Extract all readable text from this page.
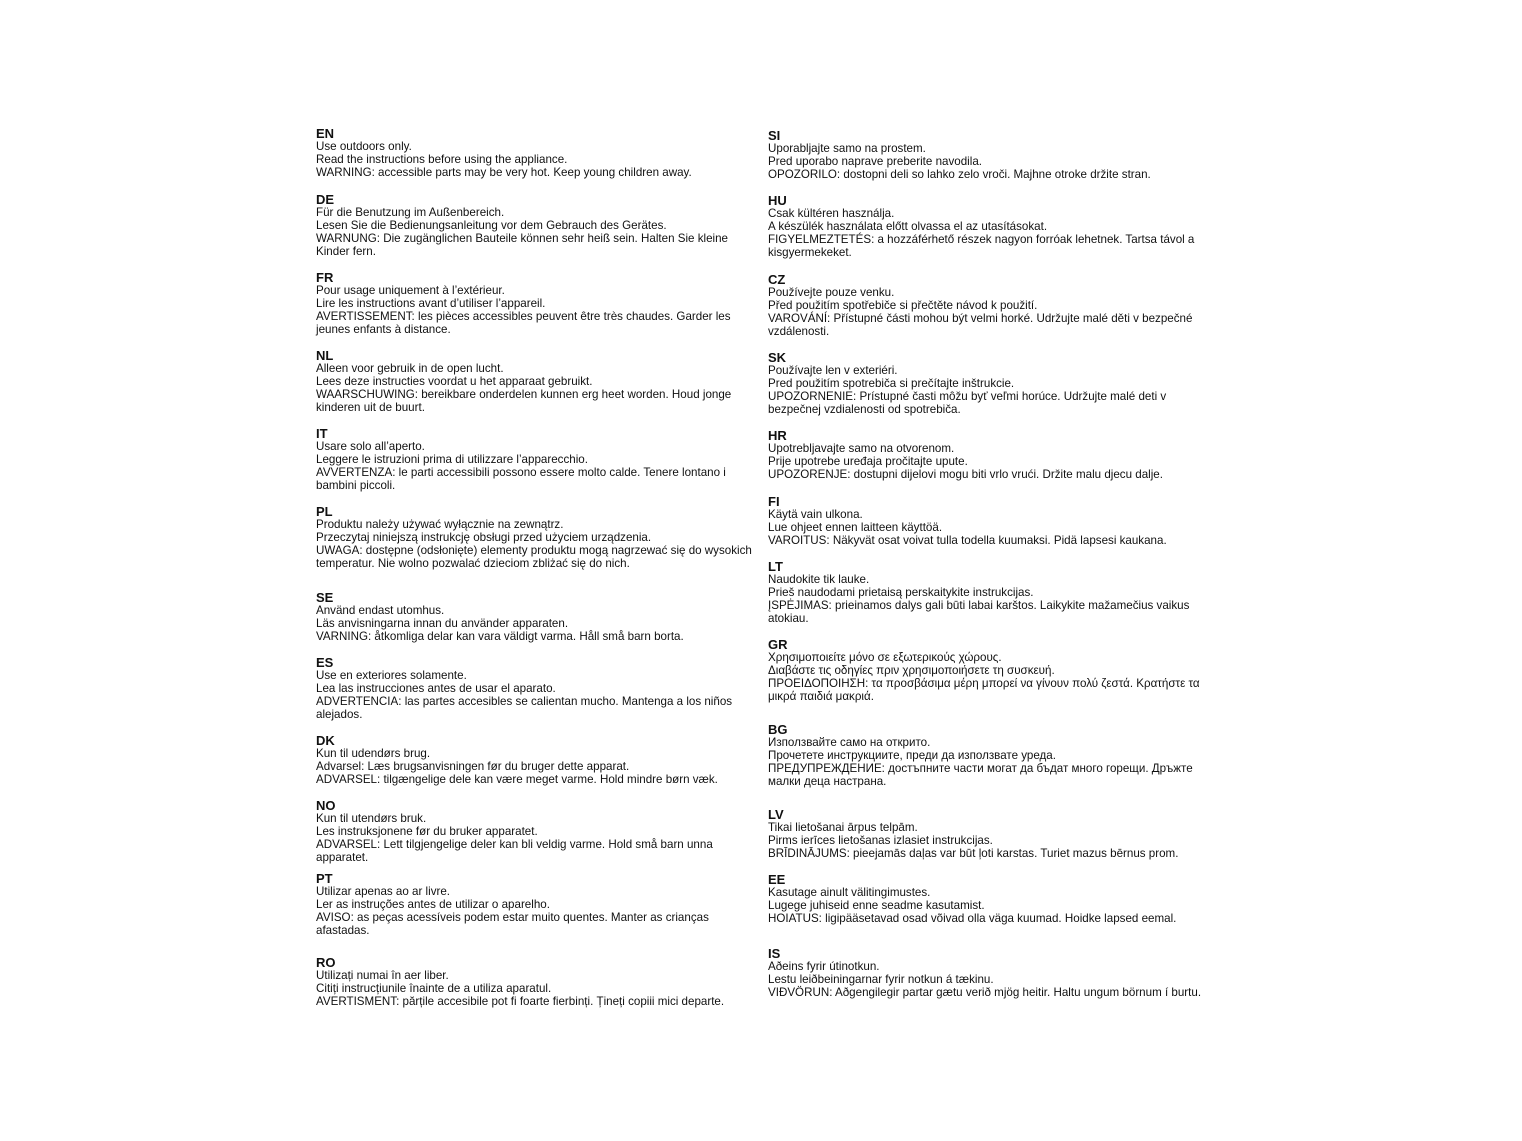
EN
Use outdoors only.
Read the instructions before using the appliance.
WARNING: accessible parts may be very hot. Keep young children away.
DE
Für die Benutzung im Außenbereich.
Lesen Sie die Bedienungsanleitung vor dem Gebrauch des Gerätes.
WARNUNG: Die zugänglichen Bauteile können sehr heiß sein. Halten Sie kleine Kinder fern.
FR
Pour usage uniquement à l’extérieur.
Lire les instructions avant d’utiliser l’appareil.
AVERTISSEMENT: les pièces accessibles peuvent être très chaudes. Garder les jeunes enfants à distance.
NL
Alleen voor gebruik in de open lucht.
Lees deze instructies voordat u het apparaat gebruikt.
WAARSCHUWING: bereikbare onderdelen kunnen erg heet worden. Houd jonge kinderen uit de buurt.
IT
Usare solo all’aperto.
Leggere le istruzioni prima di utilizzare l’apparecchio.
AVVERTENZA: le parti accessibili possono essere molto calde. Tenere lontano i bambini piccoli.
PL
Produktu należy używać wyłącznie na zewnątrz.
Przeczytaj niniejszą instrukcję obsługi przed użyciem urządzenia.
UWAGA: dostępne (odsłonięte) elementy produktu mogą nagrzewać się do wysokich temperatur. Nie wolno pozwalać dzieciom zbliżać się do nich.
SE
Använd endast utomhus.
Läs anvisningarna innan du använder apparaten.
VARNING: åtkomliga delar kan vara väldigt varma. Håll små barn borta.
ES
Use en exteriores solamente.
Lea las instrucciones antes de usar el aparato.
ADVERTENCIA: las partes accesibles se calientan mucho. Mantenga a los niños alejados.
DK
Kun til udendørs brug.
Advarsel: Læs brugsanvisningen før du bruger dette apparat.
ADVARSEL: tilgængelige dele kan være meget varme. Hold mindre børn væk.
NO
Kun til utendørs bruk.
Les instruksjonene før du bruker apparatet.
ADVARSEL: Lett tilgjengelige deler kan bli veldig varme. Hold små barn unna apparatet.
PT
Utilizar apenas ao ar livre.
Ler as instruções antes de utilizar o aparelho.
AVISO: as peças acessíveis podem estar muito quentes. Manter as crianças afastadas.
RO
Utilizați numai în aer liber.
Citiți instrucțiunile înainte de a utiliza aparatul.
AVERTISMENT: părțile accesibile pot fi foarte fierbinți. Țineți copiii mici departe.
SI
Uporabljajte samo na prostem.
Pred uporabo naprave preberite navodila.
OPOZORILO: dostopni deli so lahko zelo vroči. Majhne otroke držite stran.
HU
Csak kültéren használja.
A készülék használata előtt olvassa el az utasításokat.
FIGYELMEZTETÉS: a hozzáférhető részek nagyon forróak lehetnek. Tartsa távol a kisgyermekeket.
CZ
Používejte pouze venku.
Před použitím spotřebiče si přečtěte návod k použití.
VAROVÁNÍ: Přístupné části mohou být velmi horké. Udržujte malé děti v bezpečné vzdálenosti.
SK
Používajte len v exteriéri.
Pred použitím spotrebiča si prečítajte inštrukcie.
UPOZORNENIE: Prístupné časti môžu byť veľmi horúce. Udržujte malé deti v bezpečnej vzdialenosti od spotrebiča.
HR
Upotrebljavajte samo na otvorenom.
Prije upotrebe uređaja pročitajte upute.
UPOZORENJE: dostupni dijelovi mogu biti vrlo vrući. Držite malu djecu dalje.
FI
Käytä vain ulkona.
Lue ohjeet ennen laitteen käyttöä.
VAROITUS: Näkyvät osat voivat tulla todella kuumaksi. Pidä lapsesi kaukana.
LT
Naudokite tik lauke.
Prieš naudodami prietaisą perskaitykite instrukcijas.
ĮSPĖJIMAS: prieinamos dalys gali būti labai karštos. Laikykite mažamečius vaikus atokiau.
GR
Χρησιμοποιείτε μόνο σε εξωτερικούς χώρους.
Διαβάστε τις οδηγίες πριν χρησιμοποιήσετε τη συσκευή.
ΠΡΟΕΙΔΟΠΟΙΗΣΗ: τα προσβάσιμα μέρη μπορεί να γίνουν πολύ ζεστά. Κρατήστε τα μικρά παιδιά μακριά.
BG
Използвайте само на открито.
Прочетете инструкциите, преди да използвате уреда.
ПРЕДУПРЕЖДЕНИЕ: достъпните части могат да бъдат много горещи. Дръжте малки деца настрана.
LV
Tikai lietošanai ārpus telpām.
Pirms ierīces lietošanas izlasiet instrukcijas.
BRĪDINĀJUMS: pieejamās daļas var būt ļoti karstas. Turiet mazus bērnus prom.
EE
Kasutage ainult välitingimustes.
Lugege juhiseid enne seadme kasutamist.
HOIATUS: ligipääsetavad osad võivad olla väga kuumad. Hoidke lapsed eemal.
IS
Aðeins fyrir útinotkun.
Lestu leiðbeiningarnar fyrir notkun á tækinu.
VIÐVÖRUN: Aðgengilegir partar gætu verið mjög heitir. Haltu ungum börnum í burtu.
